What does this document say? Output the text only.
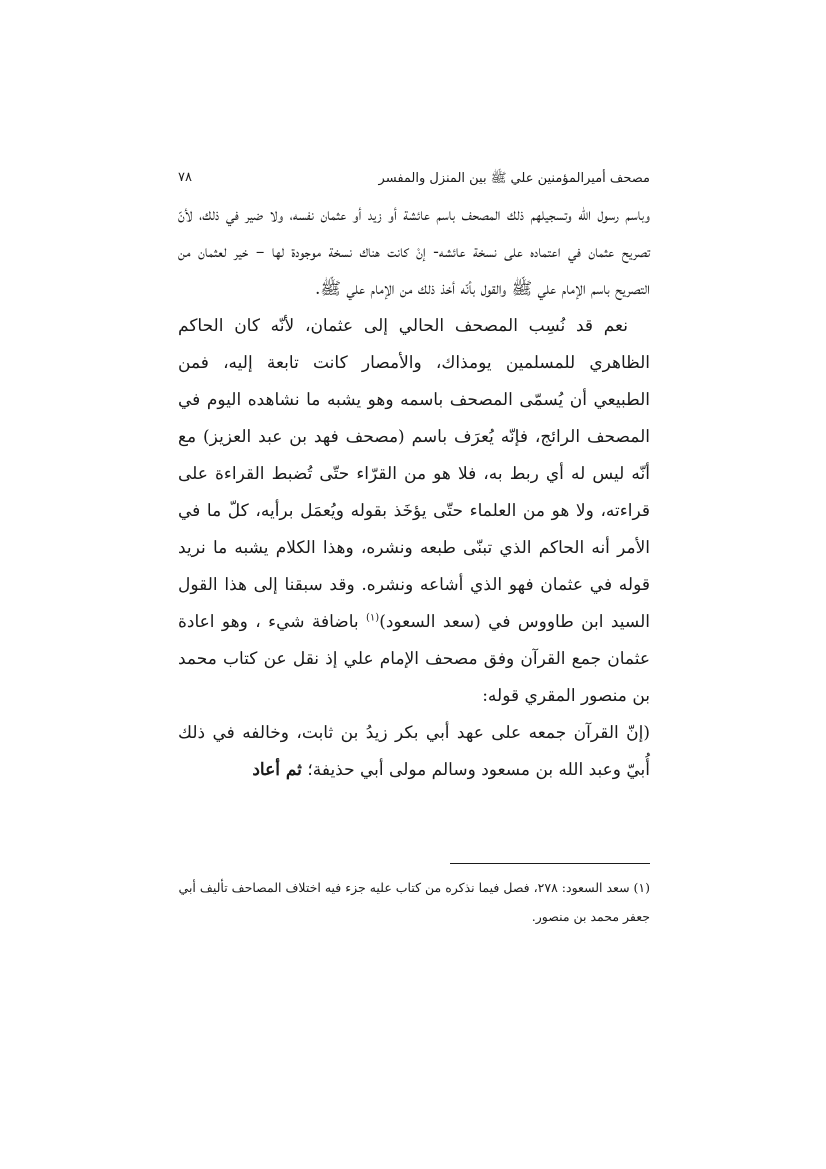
مصحف أميرالمؤمنين علي ﷺ بين المنزل والمفسر
٧٨

وباسم رسول الله وتسجيلهم ذلك المصحف باسم عائشة أو زيد أو عثمان نفسه، ولا ضير في ذلك، لأنّ تصريح عثمان في اعتماده على نسخة عائشه- إنْ كانت هناك نسخة موجودة لها – خير لعثمان من التصريح باسم الإمام علي ﷺ والقول بأنّه أخذ ذلك من الإمام علي ﷺ.

نعم قد نُسِب المصحف الحالي إلى عثمان، لأنّه كان الحاكم الظاهري للمسلمين يومذاك، والأمصار كانت تابعة إليه، فمن الطبيعي أن يُسمّى المصحف باسمه وهو يشبه ما نشاهده اليوم في المصحف الرائج، فإنّه يُعرَف باسم (مصحف فهد بن عبد العزيز) مع أنّه ليس له أي ربط به، فلا هو من القرّاء حتّى تُضبط القراءة على قراءته، ولا هو من العلماء حتّى يؤخَذ بقوله ويُعمَل برأيه، كلّ ما في الأمر أنه الحاكم الذي تبنّى طبعه ونشره، وهذا الكلام يشبه ما نريد قوله في عثمان فهو الذي أشاعه ونشره. وقد سبقنا إلى هذا القول السيد ابن طاووس في (سعد السعود)$^{(١)}$ باضافة شيء ، وهو اعادة عثمان جمع القرآن وفق مصحف الإمام علي إذ نقل عن كتاب محمد بن منصور المقري قوله:

(إنّ القرآن جمعه على عهد أبي بكر زيدُ بن ثابت، وخالفه في ذلك أُبيّ وعبد الله بن مسعود وسالم مولى أبي حذيفة؛ ثم أعاد

(١) سعد السعود: ٢٧٨، فصل فيما نذكره من كتاب عليه جزء فيه اختلاف المصاحف تأليف أبي جعفر محمد بن منصور.
